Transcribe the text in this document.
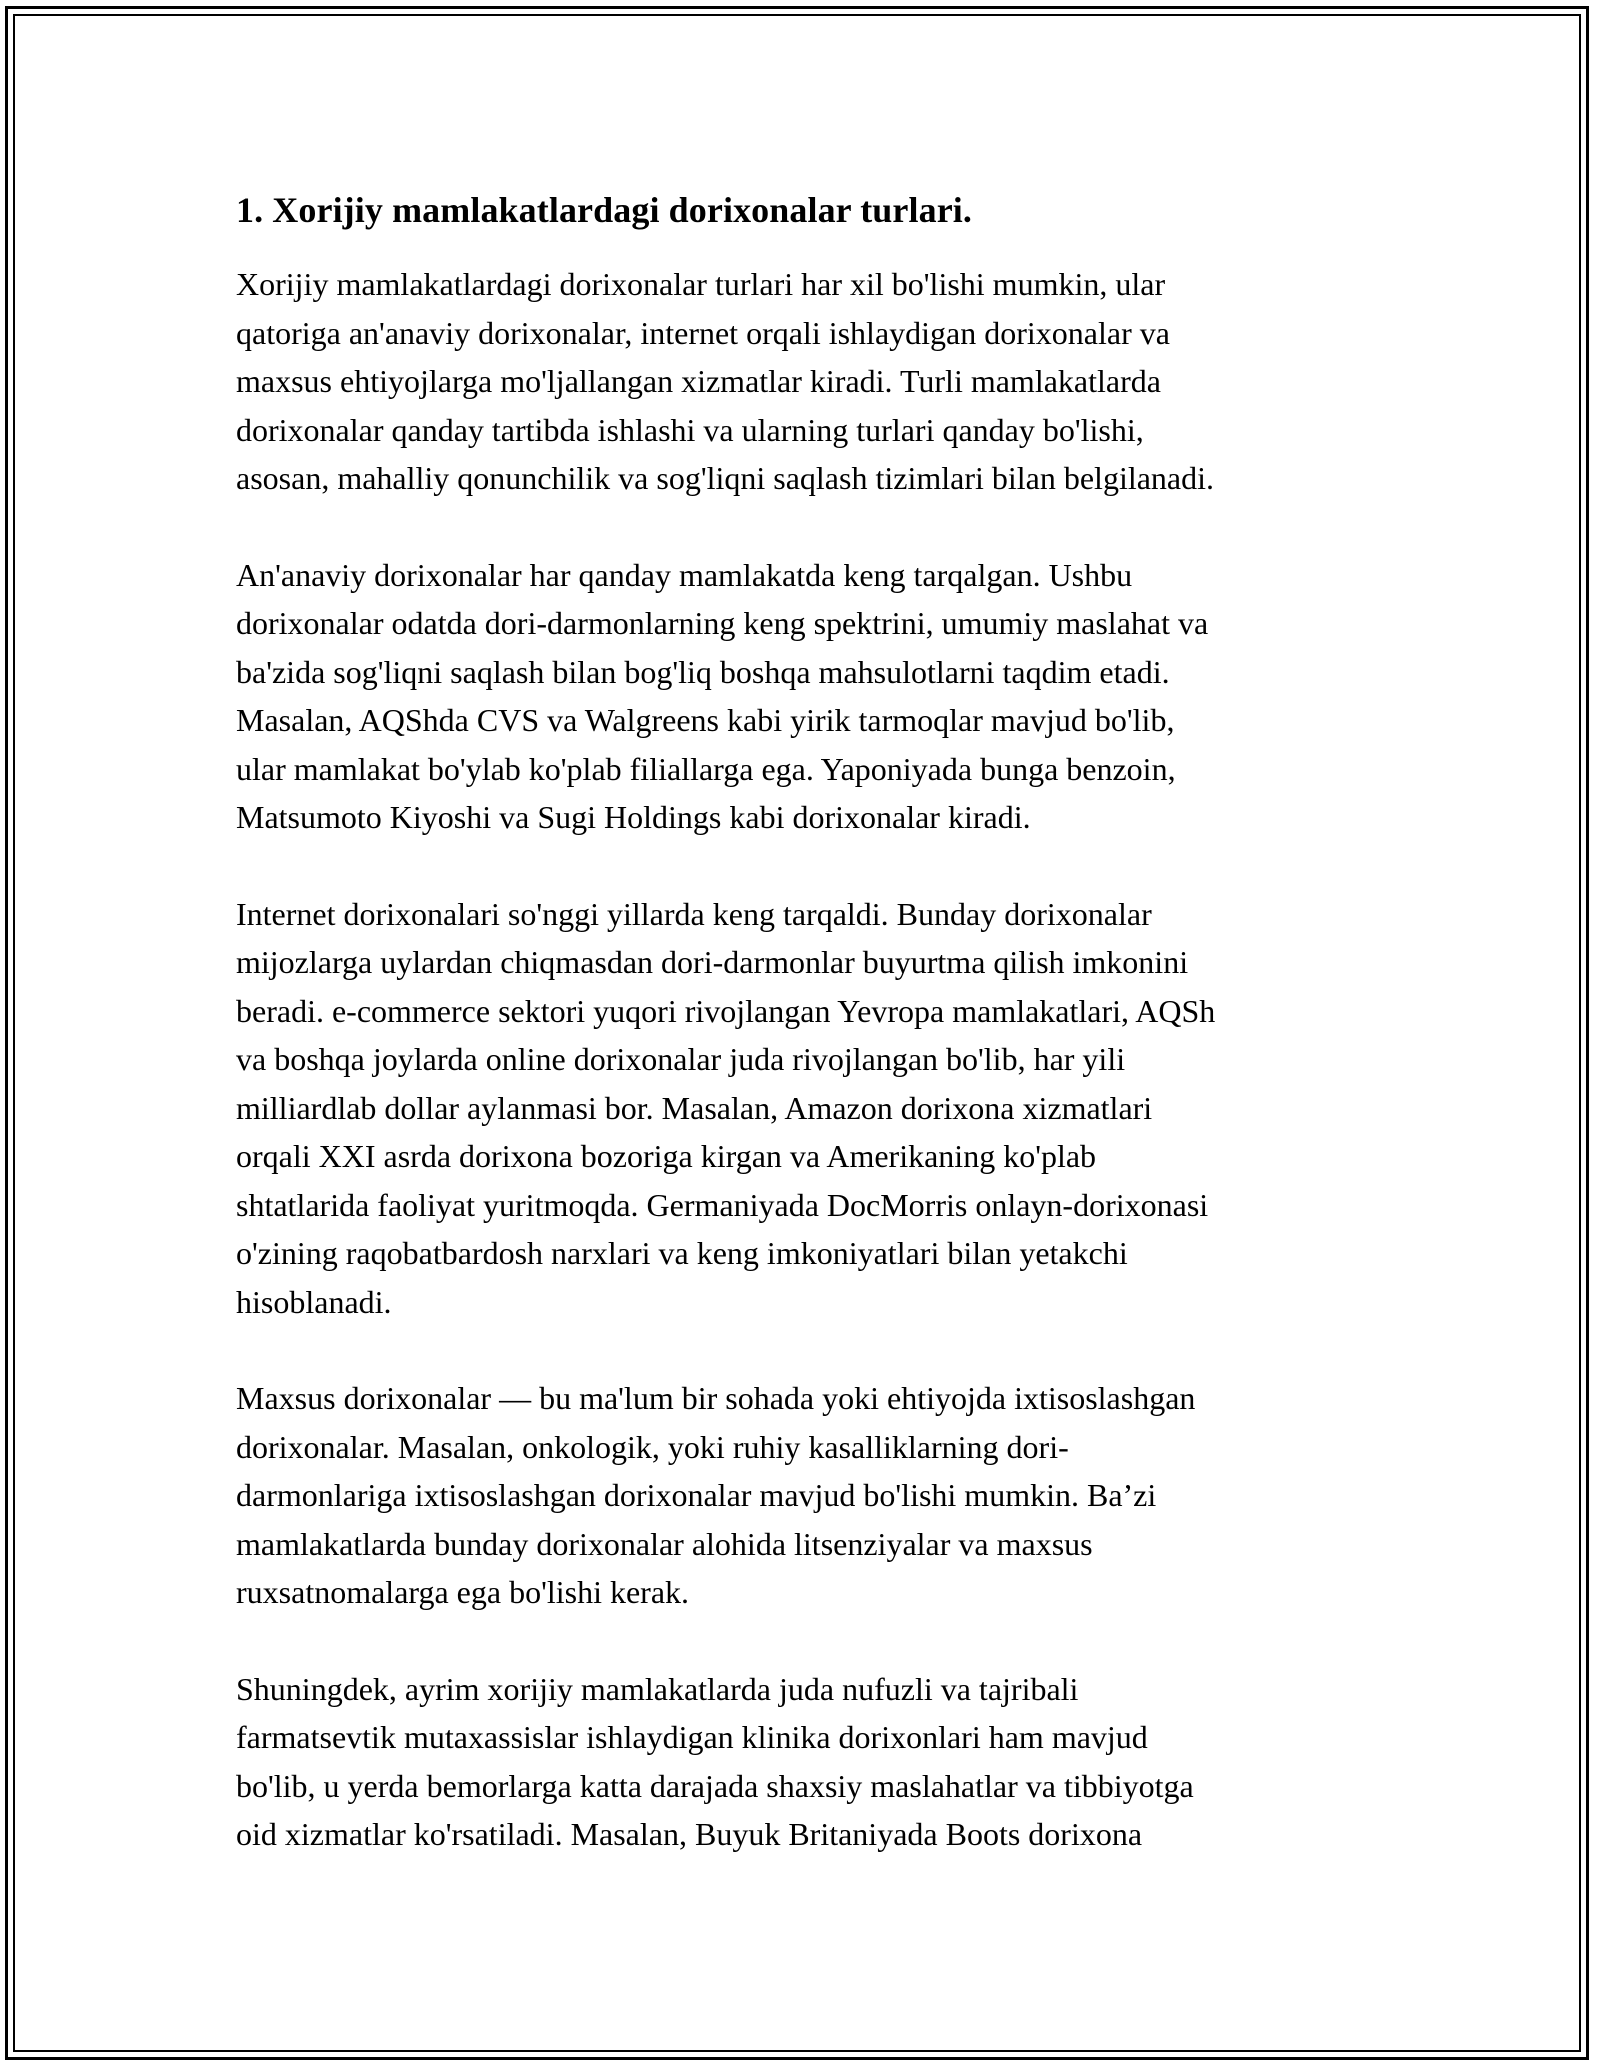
1. Xorijiy mamlakatlardagi dorixonalar turlari.

Xorijiy mamlakatlardagi dorixonalar turlari har xil bo'lishi mumkin, ular
qatoriga an'anaviy dorixonalar, internet orqali ishlaydigan dorixonalar va
maxsus ehtiyojlarga mo'ljallangan xizmatlar kiradi. Turli mamlakatlarda
dorixonalar qanday tartibda ishlashi va ularning turlari qanday bo'lishi,
asosan, mahalliy qonunchilik va sog'liqni saqlash tizimlari bilan belgilanadi.

An'anaviy dorixonalar har qanday mamlakatda keng tarqalgan. Ushbu
dorixonalar odatda dori-darmonlarning keng spektrini, umumiy maslahat va
ba'zida sog'liqni saqlash bilan bog'liq boshqa mahsulotlarni taqdim etadi.
Masalan, AQShda CVS va Walgreens kabi yirik tarmoqlar mavjud bo'lib,
ular mamlakat bo'ylab ko'plab filiallarga ega. Yaponiyada bunga benzoin,
Matsumoto Kiyoshi va Sugi Holdings kabi dorixonalar kiradi.

Internet dorixonalari so'nggi yillarda keng tarqaldi. Bunday dorixonalar
mijozlarga uylardan chiqmasdan dori-darmonlar buyurtma qilish imkonini
beradi. e-commerce sektori yuqori rivojlangan Yevropa mamlakatlari, AQSh
va boshqa joylarda online dorixonalar juda rivojlangan bo'lib, har yili
milliardlab dollar aylanmasi bor. Masalan, Amazon dorixona xizmatlari
orqali XXI asrda dorixona bozoriga kirgan va Amerikaning ko'plab
shtatlarida faoliyat yuritmoqda. Germaniyada DocMorris onlayn-dorixonasi
o'zining raqobatbardosh narxlari va keng imkoniyatlari bilan yetakchi
hisoblanadi.

Maxsus dorixonalar — bu ma'lum bir sohada yoki ehtiyojda ixtisoslashgan
dorixonalar. Masalan, onkologik, yoki ruhiy kasalliklarning dori-
darmonlariga ixtisoslashgan dorixonalar mavjud bo'lishi mumkin. Ba’zi
mamlakatlarda bunday dorixonalar alohida litsenziyalar va maxsus
ruxsatnomalarga ega bo'lishi kerak.

Shuningdek, ayrim xorijiy mamlakatlarda juda nufuzli va tajribali
farmatsevtik mutaxassislar ishlaydigan klinika dorixonlari ham mavjud
bo'lib, u yerda bemorlarga katta darajada shaxsiy maslahatlar va tibbiyotga
oid xizmatlar ko'rsatiladi. Masalan, Buyuk Britaniyada Boots dorixona
